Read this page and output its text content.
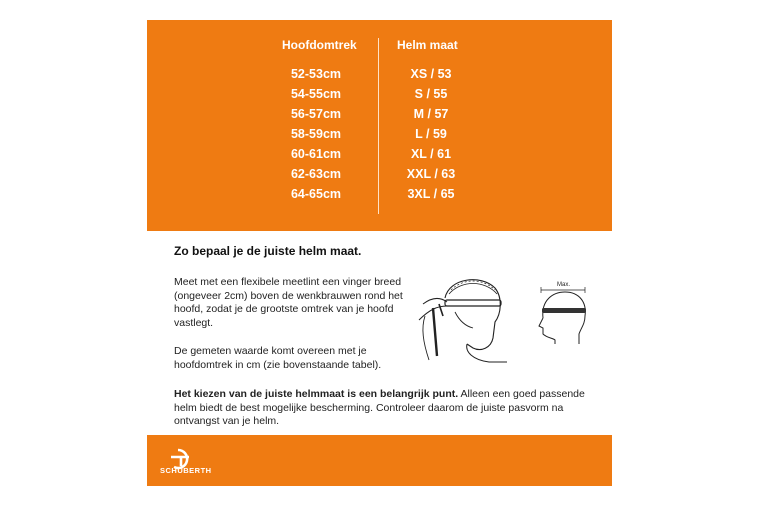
Hoofdomtrek	Helm maat
52-53cm
54-55cm
56-57cm
58-59cm
60-61cm
62-63cm
64-65cm
XS / 53
S / 55
M / 57
L / 59
XL / 61
XXL / 63
3XL / 65
Zo bepaal je de juiste helm maat.
Meet met een flexibele meetlint een vinger breed (ongeveer 2cm) boven de wenkbrauwen rond het hoofd, zodat je de grootste omtrek van je hoofd vastlegt.
De gemeten waarde komt overeen met je hoofdomtrek in cm (zie bovenstaande tabel).
Het kiezen van de juiste helmmaat is een belangrijk punt. Alleen een goed passende helm biedt de best mogelijke bescherming. Controleer daarom de juiste pasvorm na ontvangst van je helm.
Max.
SCHUBERTH
